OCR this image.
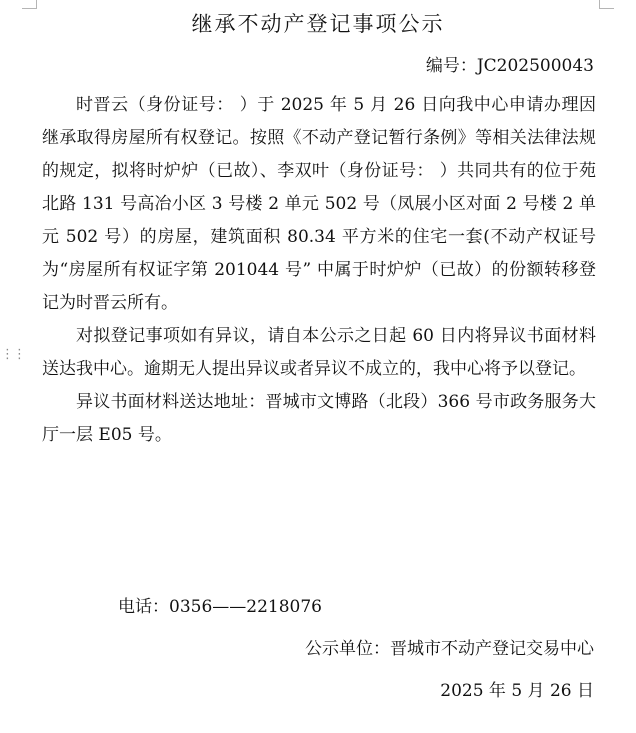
⋮⋮
继承不动产登记事项公示
编号：JC202500043

时晋云（身份证号： ）于 2025 年 5 月 26 日向我中心申请办理因继承取得房屋所有权登记。按照《不动产登记暂行条例》等相关法律法规的规定，拟将时炉炉（已故）、李双叶（身份证号： ）共同共有的位于苑北路 131 号高冶小区 3 号楼 2 单元 502 号（凤展小区对面 2 号楼 2 单元 502 号）的房屋，建筑面积 80.34 平方米的住宅一套(不动产权证号为“房屋所有权证字第 201044 号” 中属于时炉炉（已故）的份额转移登记为时晋云所有。

对拟登记事项如有异议，请自本公示之日起 60 日内将异议书面材料送达我中心。逾期无人提出异议或者异议不成立的，我中心将予以登记。

异议书面材料送达地址：晋城市文博路（北段）366 号市政务服务大厅一层 E05 号。

电话：0356——2218076
公示单位：晋城市不动产登记交易中心
2025 年 5 月 26 日
